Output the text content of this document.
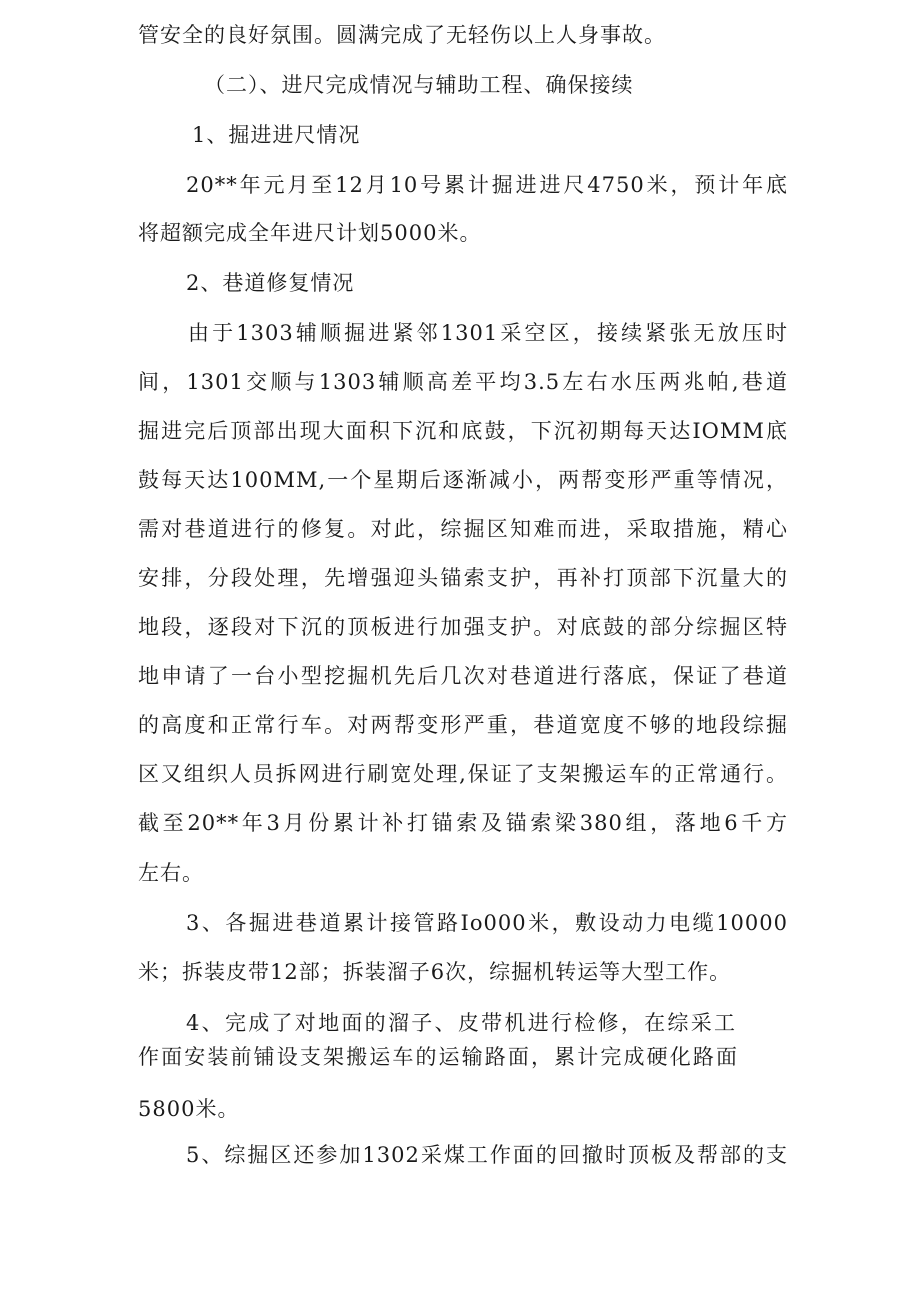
管安全的良好氛围。圆满完成了无轻伤以上人身事故。
（二）、进尺完成情况与辅助工程、确保接续
1、掘进进尺情况
20**年元月至12月10号累计掘进进尺4750米，预计年底
将超额完成全年进尺计划5000米。
2、巷道修复情况
由于1303辅顺掘进紧邻1301采空区，接续紧张无放压时
间，1301交顺与1303辅顺高差平均3.5左右水压两兆帕,巷道
掘进完后顶部出现大面积下沉和底鼓，下沉初期每天达IOMM底
鼓每天达100MM,一个星期后逐渐减小，两帮变形严重等情况，
需对巷道进行的修复。对此，综掘区知难而进，采取措施，精心
安排，分段处理，先增强迎头锚索支护，再补打顶部下沉量大的
地段，逐段对下沉的顶板进行加强支护。对底鼓的部分综掘区特
地申请了一台小型挖掘机先后几次对巷道进行落底，保证了巷道
的高度和正常行车。对两帮变形严重，巷道宽度不够的地段综掘
区又组织人员拆网进行刷宽处理,保证了支架搬运车的正常通行。
截至20**年3月份累计补打锚索及锚索梁380组，落地6千方
左右。
3、各掘进巷道累计接管路Io000米，敷设动力电缆10000
米；拆装皮带12部；拆装溜子6次，综掘机转运等大型工作。
4、完成了对地面的溜子、皮带机进行检修，在综采工
作面安装前铺设支架搬运车的运输路面，累计完成硬化路面
5800米。
5、综掘区还参加1302采煤工作面的回撤时顶板及帮部的支
